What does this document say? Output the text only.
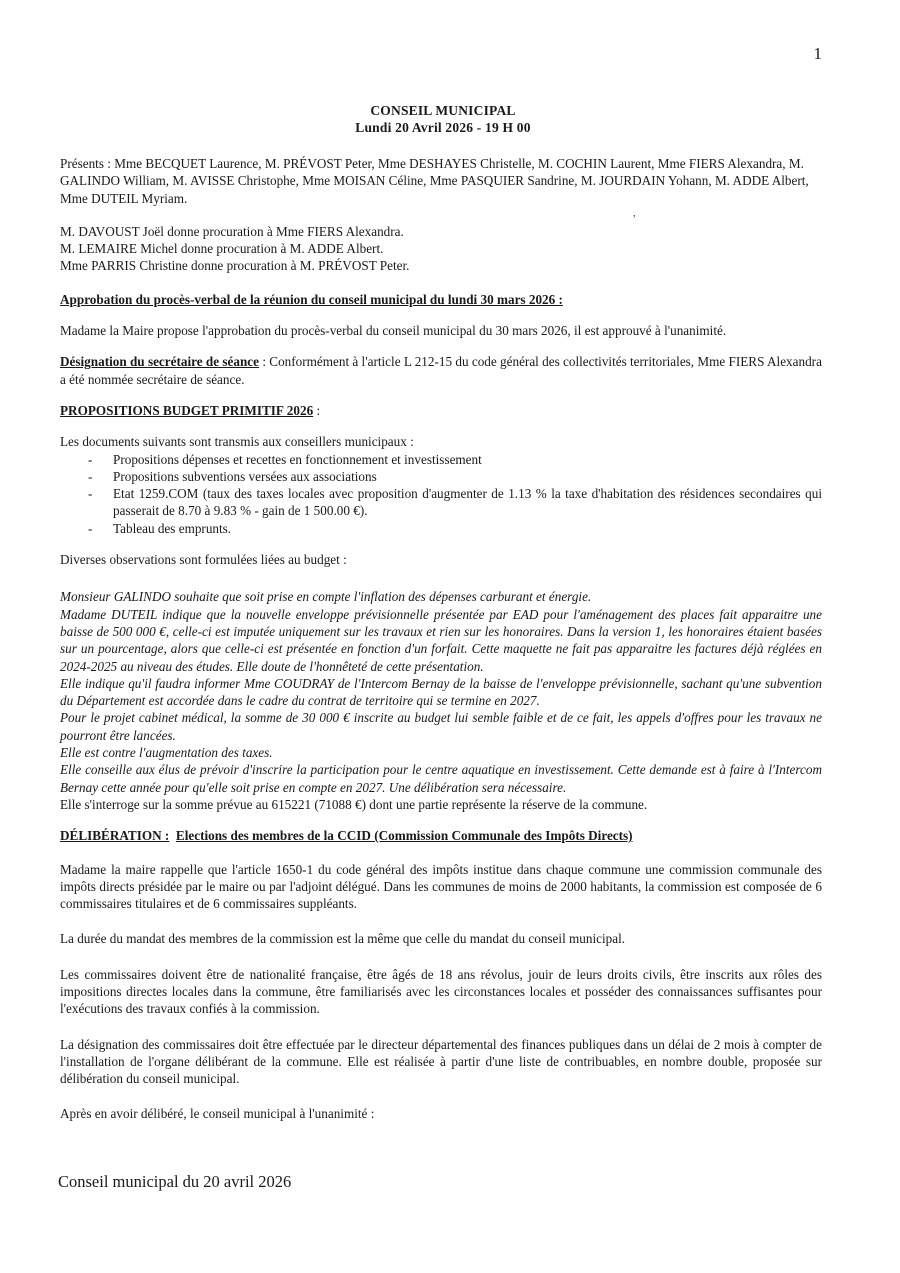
1
,
CONSEIL MUNICIPAL
Lundi 20 Avril 2026 - 19 H 00

Présents : Mme BECQUET Laurence, M. PRÉVOST Peter, Mme DESHAYES Christelle, M. COCHIN Laurent, Mme FIERS Alexandra, M. GALINDO William, M. AVISSE Christophe, Mme MOISAN Céline, Mme PASQUIER Sandrine, M. JOURDAIN Yohann, M. ADDE Albert, Mme DUTEIL Myriam.

M. DAVOUST Joël donne procuration à Mme FIERS Alexandra.

M. LEMAIRE Michel donne procuration à M. ADDE Albert.

Mme PARRIS Christine donne procuration à M. PRÉVOST Peter.

Approbation du procès-verbal de la réunion du conseil municipal du lundi 30 mars 2026 :

Madame la Maire propose l'approbation du procès-verbal du conseil municipal du 30 mars 2026, il est approuvé à l'unanimité.

Désignation du secrétaire de séance : Conformément à l'article L 212-15 du code général des collectivités territoriales, Mme FIERS Alexandra a été nommée secrétaire de séance.

PROPOSITIONS BUDGET PRIMITIF 2026 :

Les documents suivants sont transmis aux conseillers municipaux :

- Propositions dépenses et recettes en fonctionnement et investissement
- Propositions subventions versées aux associations
- Etat 1259.COM (taux des taxes locales avec proposition d'augmenter de 1.13 % la taxe d'habitation des résidences secondaires qui passerait de 8.70 à 9.83 % - gain de 1 500.00 €).
- Tableau des emprunts.

Diverses observations sont formulées liées au budget :

Monsieur GALINDO souhaite que soit prise en compte l'inflation des dépenses carburant et énergie.

Madame DUTEIL indique que la nouvelle enveloppe prévisionnelle présentée par EAD pour l'aménagement des places fait apparaitre une baisse de 500 000 €, celle-ci est imputée uniquement sur les travaux et rien sur les honoraires. Dans la version 1, les honoraires étaient basées sur un pourcentage, alors que celle-ci est présentée en fonction d'un forfait. Cette maquette ne fait pas apparaitre les factures déjà réglées en 2024-2025 au niveau des études. Elle doute de l'honnêteté de cette présentation.

Elle indique qu'il faudra informer Mme COUDRAY de l'Intercom Bernay de la baisse de l'enveloppe prévisionnelle, sachant qu'une subvention du Département est accordée dans le cadre du contrat de territoire qui se termine en 2027.

Pour le projet cabinet médical, la somme de 30 000 € inscrite au budget lui semble faible et de ce fait, les appels d'offres pour les travaux ne pourront être lancées.

Elle est contre l'augmentation des taxes.

Elle conseille aux élus de prévoir d'inscrire la participation pour le centre aquatique en investissement. Cette demande est à faire à l'Intercom Bernay cette année pour qu'elle soit prise en compte en 2027. Une délibération sera nécessaire.

Elle s'interroge sur la somme prévue au 615221 (71088 €) dont une partie représente la réserve de la commune.

DÉLIBÉRATION : Elections des membres de la CCID (Commission Communale des Impôts Directs)

Madame la maire rappelle que l'article 1650-1 du code général des impôts institue dans chaque commune une commission communale des impôts directs présidée par le maire ou par l'adjoint délégué. Dans les communes de moins de 2000 habitants, la commission est composée de 6 commissaires titulaires et de 6 commissaires suppléants.

La durée du mandat des membres de la commission est la même que celle du mandat du conseil municipal.

Les commissaires doivent être de nationalité française, être âgés de 18 ans révolus, jouir de leurs droits civils, être inscrits aux rôles des impositions directes locales dans la commune, être familiarisés avec les circonstances locales et posséder des connaissances suffisantes pour l'exécutions des travaux confiés à la commission.

La désignation des commissaires doit être effectuée par le directeur départemental des finances publiques dans un délai de 2 mois à compter de l'installation de l'organe délibérant de la commune. Elle est réalisée à partir d'une liste de contribuables, en nombre double, proposée sur délibération du conseil municipal.

Après en avoir délibéré, le conseil municipal à l'unanimité :

Conseil municipal du 20 avril 2026
